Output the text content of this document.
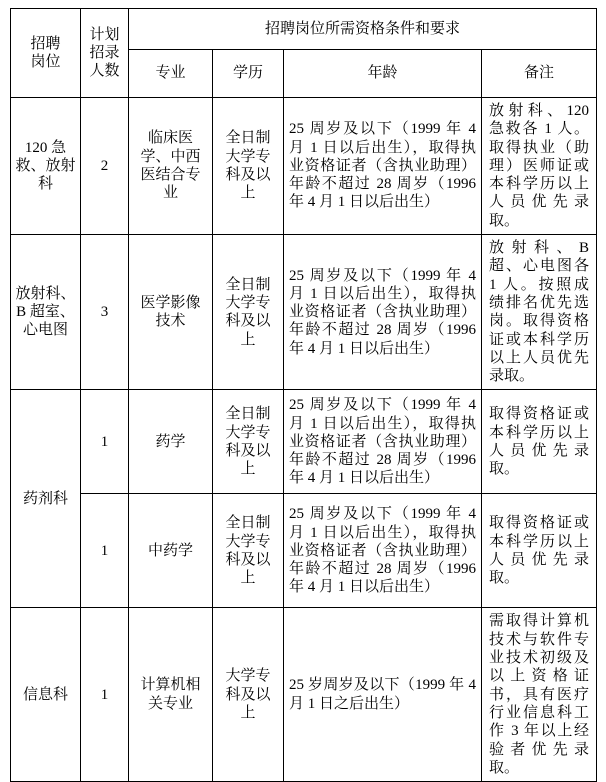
招聘岗位	计划招录人数	招聘岗位所需资格条件和要求			
		专业	学历	年龄	备注
120 急救、放射科	2	临床医学、中西医结合专业	全日制大学专科及以上	25 周岁及以下（1999 年 4 月 1 日以后出生），取得执业资格证者（含执业助理）年龄不超过 28 周岁（1996 年 4 月 1 日以后出生）	放射科、120 急救各 1 人。取得执业（助理）医师证或本科学历以上人员优先录取。
放射科、B 超室、心电图	3	医学影像技术	全日制大学专科及以上	25 周岁及以下（1999 年 4 月 1 日以后出生），取得执业资格证者（含执业助理）年龄不超过 28 周岁（1996 年 4 月 1 日以后出生）	放射科、B 超、心电图各 1 人。按照成绩排名优先选岗。取得资格证或本科学历以上人员优先录取。
药剂科	1	药学	全日制大学专科及以上	25 周岁及以下（1999 年 4 月 1 日以后出生），取得执业资格证者（含执业助理）年龄不超过 28 周岁（1996 年 4 月 1 日以后出生）	取得资格证或本科学历以上人员优先录取。
	1	中药学	全日制大学专科及以上	25 周岁及以下（1999 年 4 月 1 日以后出生），取得执业资格证者（含执业助理）年龄不超过 28 周岁（1996 年 4 月 1 日以后出生）	取得资格证或本科学历以上人员优先录取。
信息科	1	计算机相关专业	大学专科及以上	25 岁周岁及以下（1999 年 4 月 1 日之后出生）	需取得计算机技术与软件专业技术初级及以上资格证书，具有医疗行业信息科工作 3 年以上经验者优先录取。
